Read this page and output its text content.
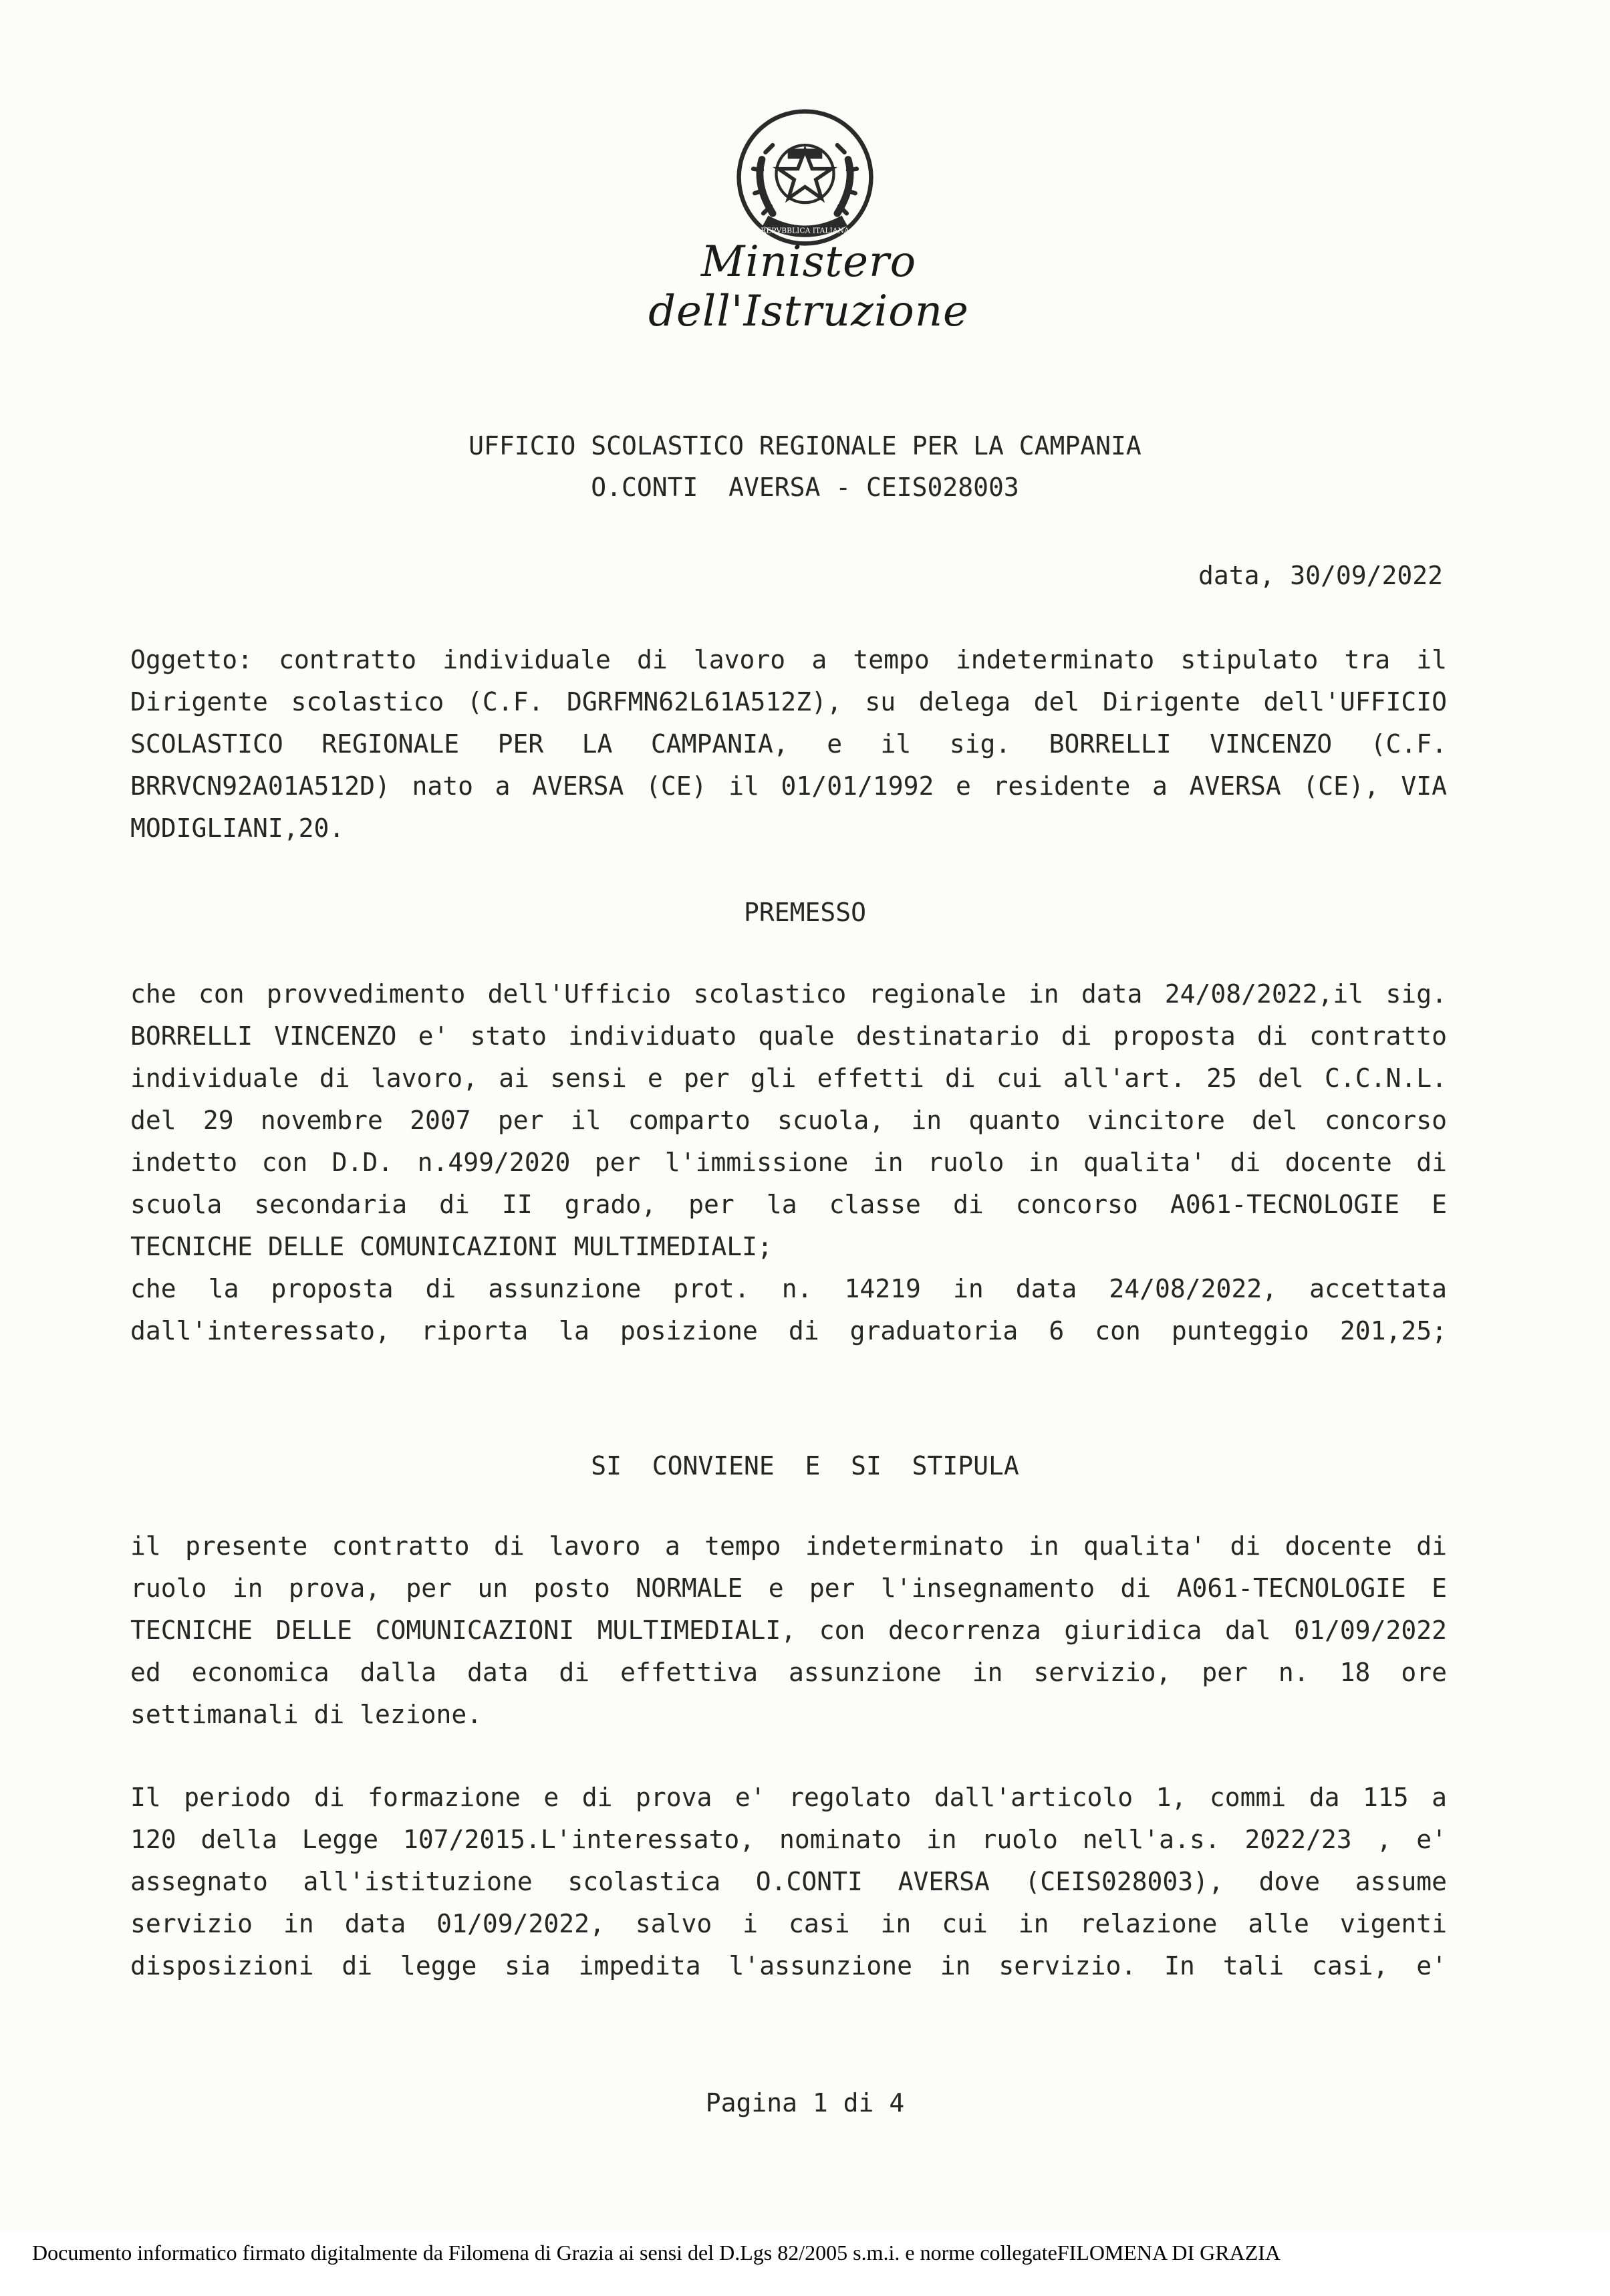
REPVBBLICA ITALIANA
Ministero dell'Istruzione
UFFICIO SCOLASTICO REGIONALE PER LA CAMPANIA
O.CONTI  AVERSA - CEIS028003
data, 30/09/2022
Oggetto: contratto individuale di lavoro a tempo indeterminato stipulato tra il
Dirigente scolastico (C.F. DGRFMN62L61A512Z), su delega del Dirigente dell'UFFICIO
SCOLASTICO REGIONALE PER LA CAMPANIA, e il sig. BORRELLI VINCENZO (C.F.
BRRVCN92A01A512D) nato a AVERSA (CE) il 01/01/1992 e residente a AVERSA (CE), VIA
MODIGLIANI,20.
PREMESSO
che con provvedimento dell'Ufficio scolastico regionale in data 24/08/2022,il sig.
BORRELLI VINCENZO e' stato individuato quale destinatario di proposta di contratto
individuale di lavoro, ai sensi e per gli effetti di cui all'art. 25 del C.C.N.L.
del 29 novembre 2007 per il comparto scuola, in quanto vincitore del concorso
indetto con D.D. n.499/2020 per l'immissione in ruolo in qualita' di docente di
scuola secondaria di II grado, per la classe di concorso A061-TECNOLOGIE E
TECNICHE DELLE COMUNICAZIONI MULTIMEDIALI;
che la proposta di assunzione prot. n. 14219 in data 24/08/2022, accettata
dall'interessato, riporta la posizione di graduatoria 6 con punteggio 201,25;
SI  CONVIENE  E  SI  STIPULA
il presente contratto di lavoro a tempo indeterminato in qualita' di docente di
ruolo in prova, per un posto NORMALE e per l'insegnamento di A061-TECNOLOGIE E
TECNICHE DELLE COMUNICAZIONI MULTIMEDIALI, con decorrenza giuridica dal 01/09/2022
ed economica dalla data di effettiva assunzione in servizio, per n. 18 ore
settimanali di lezione.
Il periodo di formazione e di prova e' regolato dall'articolo 1, commi da 115 a
120 della Legge 107/2015.L'interessato, nominato in ruolo nell'a.s. 2022/23 , e'
assegnato all'istituzione scolastica O.CONTI AVERSA (CEIS028003), dove assume
servizio in data 01/09/2022, salvo i casi in cui in relazione alle vigenti
disposizioni di legge sia impedita l'assunzione in servizio. In tali casi, e'
Pagina 1 di 4
Documento informatico firmato digitalmente da Filomena di Grazia ai sensi del D.Lgs 82/2005 s.m.i. e norme collegateFILOMENA DI GRAZIA
